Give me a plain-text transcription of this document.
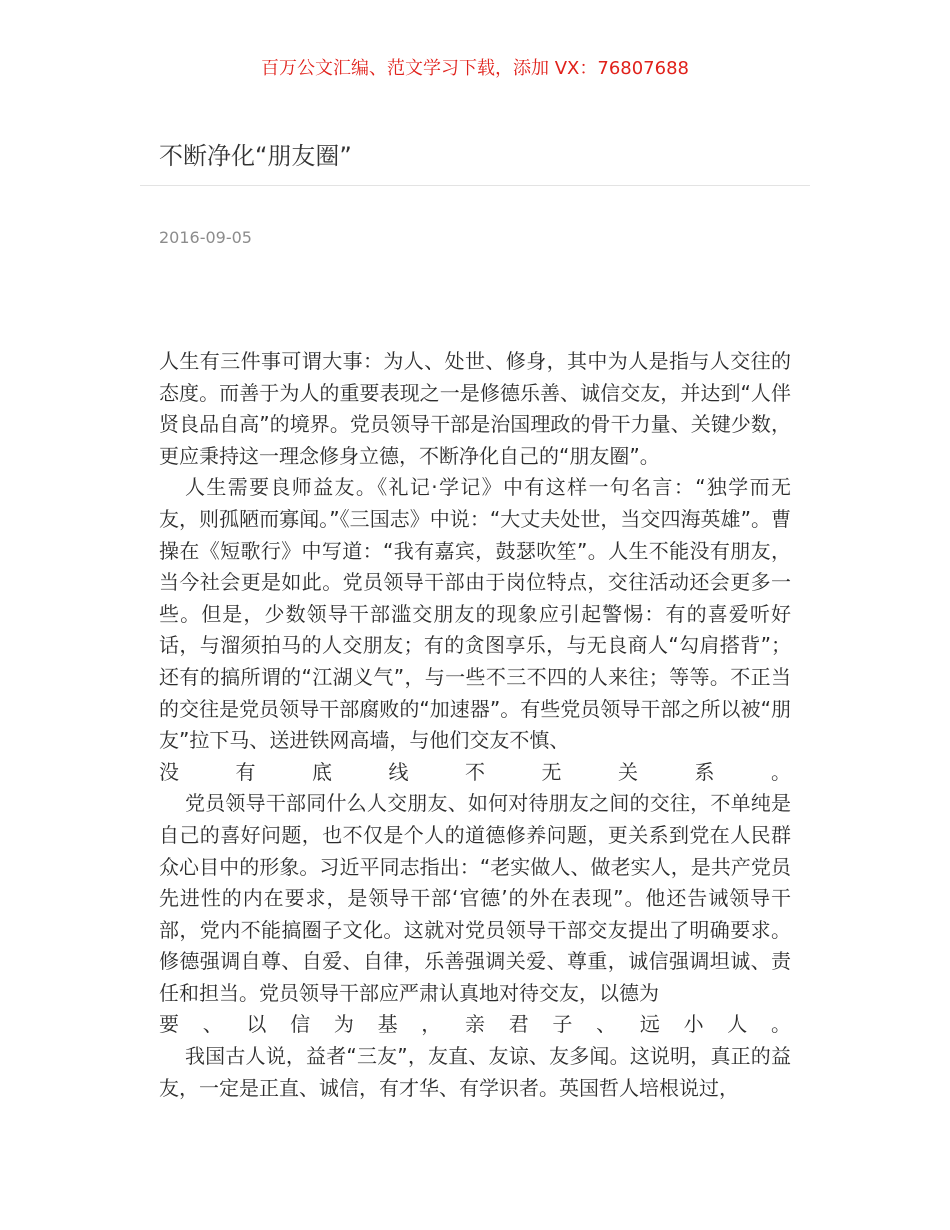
百万公文汇编、范文学习下载，添加 VX：76807688
不断净化“朋友圈”
2016-09-05

人生有三件事可谓大事：为人、处世、修身，其中为人是指与人交往的态度。而善于为人的重要表现之一是修德乐善、诚信交友，并达到“人伴贤良品自高”的境界。党员领导干部是治国理政的骨干力量、关键少数，更应秉持这一理念修身立德，不断净化自己的“朋友圈”。

人生需要良师益友。《礼记·学记》中有这样一句名言：“独学而无友，则孤陋而寡闻。”《三国志》中说：“大丈夫处世，当交四海英雄”。曹操在《短歌行》中写道：“我有嘉宾，鼓瑟吹笙”。人生不能没有朋友，当今社会更是如此。党员领导干部由于岗位特点，交往活动还会更多一些。但是，少数领导干部滥交朋友的现象应引起警惕：有的喜爱听好话，与溜须拍马的人交朋友；有的贪图享乐，与无良商人“勾肩搭背”；还有的搞所谓的“江湖义气”，与一些不三不四的人来往；等等。不正当的交往是党员领导干部腐败的“加速器”。有些党员领导干部之所以被“朋友”拉下马、送进铁网高墙，与他们交友不慎、

没有底线不无关系。

党员领导干部同什么人交朋友、如何对待朋友之间的交往，不单纯是自己的喜好问题，也不仅是个人的道德修养问题，更关系到党在人民群众心目中的形象。习近平同志指出：“老实做人、做老实人，是共产党员先进性的内在要求，是领导干部‘官德’的外在表现”。他还告诫领导干部，党内不能搞圈子文化。这就对党员领导干部交友提出了明确要求。修德强调自尊、自爱、自律，乐善强调关爱、尊重，诚信强调坦诚、责任和担当。党员领导干部应严肃认真地对待交友，以德为

要、以信为基，亲君子、远小人。

我国古人说，益者“三友”，友直、友谅、友多闻。这说明，真正的益友，一定是正直、诚信，有才华、有学识者。英国哲人培根说过，
